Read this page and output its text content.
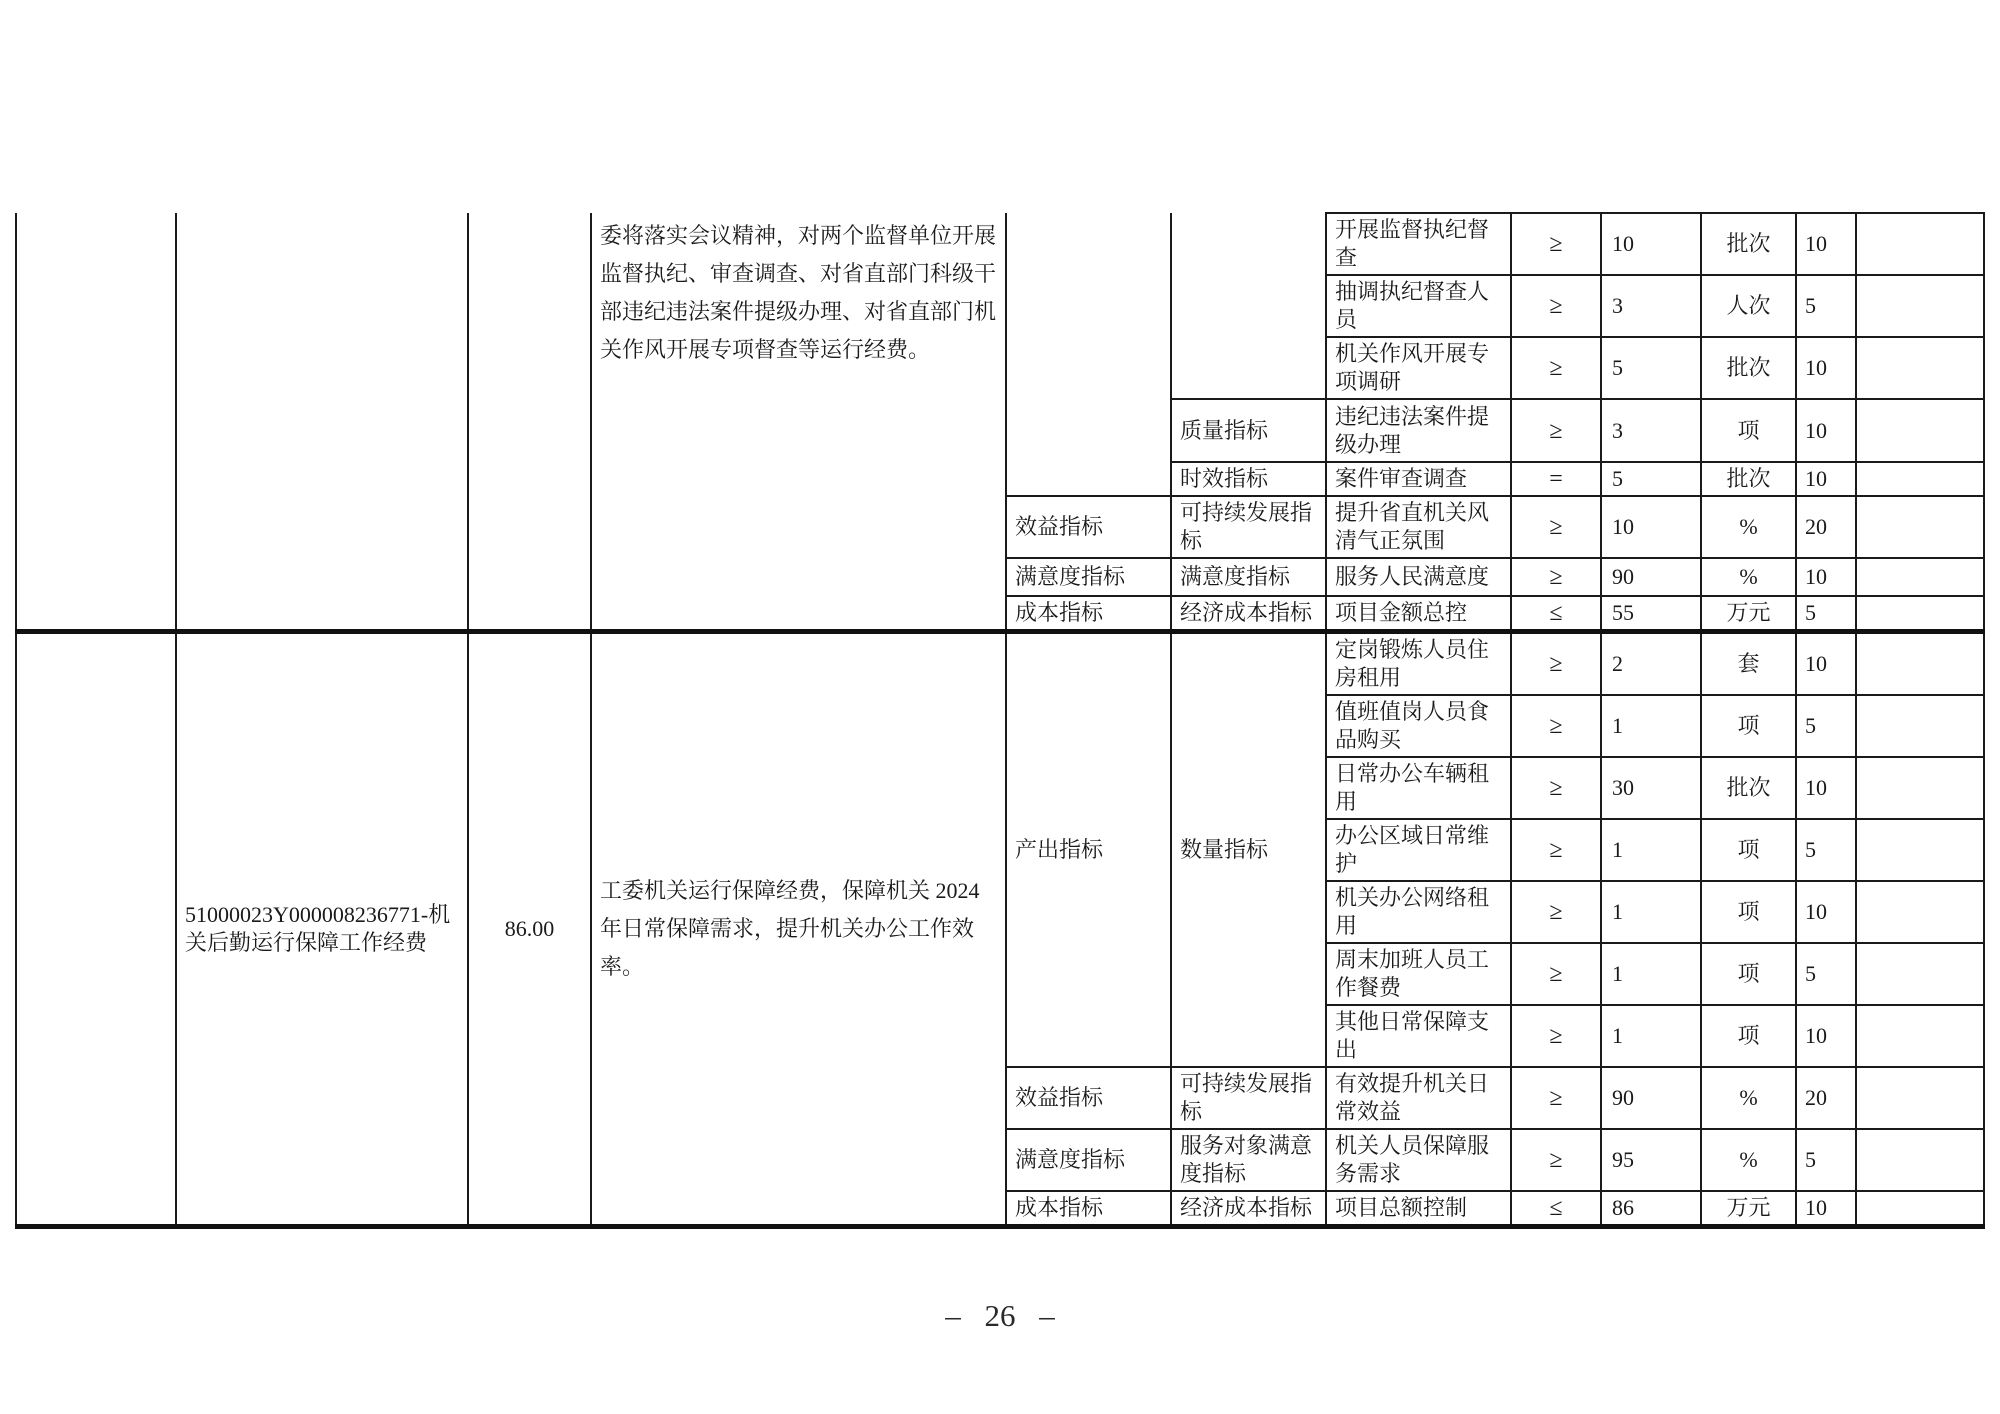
			委将落实会议精神，对两个监督单位开展监督执纪、审查调查、对省直部门科级干部违纪违法案件提级办理、对省直部门机关作风开展专项督查等运行经费。			开展监督执纪督查	≥	10	批次	10	
						抽调执纪督查人员	≥	3	人次	5	
						机关作风开展专项调研	≥	5	批次	10	
					质量指标	违纪违法案件提级办理	≥	3	项	10	
					时效指标	案件审查调查	=	5	批次	10	
				效益指标	可持续发展指标	提升省直机关风清气正氛围	≥	10	%	20	
				满意度指标	满意度指标	服务人民满意度	≥	90	%	10	
				成本指标	经济成本指标	项目金额总控	≤	55	万元	5	
	51000023Y000008236771-机关后勤运行保障工作经费	86.00	工委机关运行保障经费，保障机关 2024 年日常保障需求，提升机关办公工作效率。	产出指标	数量指标	定岗锻炼人员住房租用	≥	2	套	10	
						值班值岗人员食品购买	≥	1	项	5	
						日常办公车辆租用	≥	30	批次	10	
						办公区域日常维护	≥	1	项	5	
						机关办公网络租用	≥	1	项	10	
						周末加班人员工作餐费	≥	1	项	5	
						其他日常保障支出	≥	1	项	10	
				效益指标	可持续发展指标	有效提升机关日常效益	≥	90	%	20	
				满意度指标	服务对象满意度指标	机关人员保障服务需求	≥	95	%	5	
				成本指标	经济成本指标	项目总额控制	≤	86	万元	10	
– 26 –
